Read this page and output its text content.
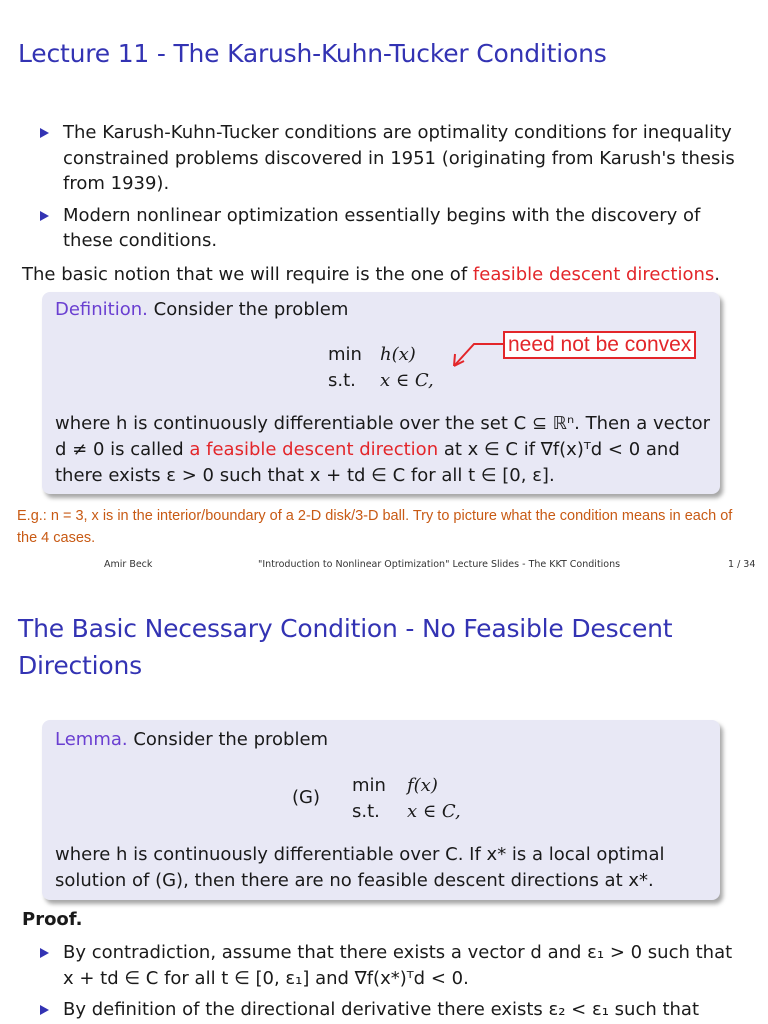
Lecture 11 - The Karush-Kuhn-Tucker Conditions
The Karush-Kuhn-Tucker conditions are optimality conditions for inequality constrained problems discovered in 1951 (originating from Karush's thesis from 1939).
Modern nonlinear optimization essentially begins with the discovery of these conditions.
The basic notion that we will require is the one of feasible descent directions.
Definition. Consider the problem
min h(x)
s.t. x ∈ C,
where h is continuously differentiable over the set C ⊆ ℝⁿ. Then a vector
d ≠ 0 is called a feasible descent direction at x ∈ C if ∇f(x)ᵀd < 0 and
there exists ε > 0 such that x + td ∈ C for all t ∈ [0, ε].
need not be convex
E.g.: n = 3, x is in the interior/boundary of a 2-D disk/3-D ball. Try to picture what the condition means in each of the 4 cases.
Amir Beck	"Introduction to Nonlinear Optimization" Lecture Slides - The KKT Conditions	1 / 34
The Basic Necessary Condition - No Feasible Descent
Directions
Lemma. Consider the problem
(G)
min f(x)
s.t. x ∈ C,
where h is continuously differentiable over C. If x* is a local optimal
solution of (G), then there are no feasible descent directions at x*.
Proof.
By contradiction, assume that there exists a vector d and ε₁ > 0 such that x + td ∈ C for all t ∈ [0, ε₁] and ∇f(x*)ᵀd < 0.
By definition of the directional derivative there exists ε₂ < ε₁ such that
